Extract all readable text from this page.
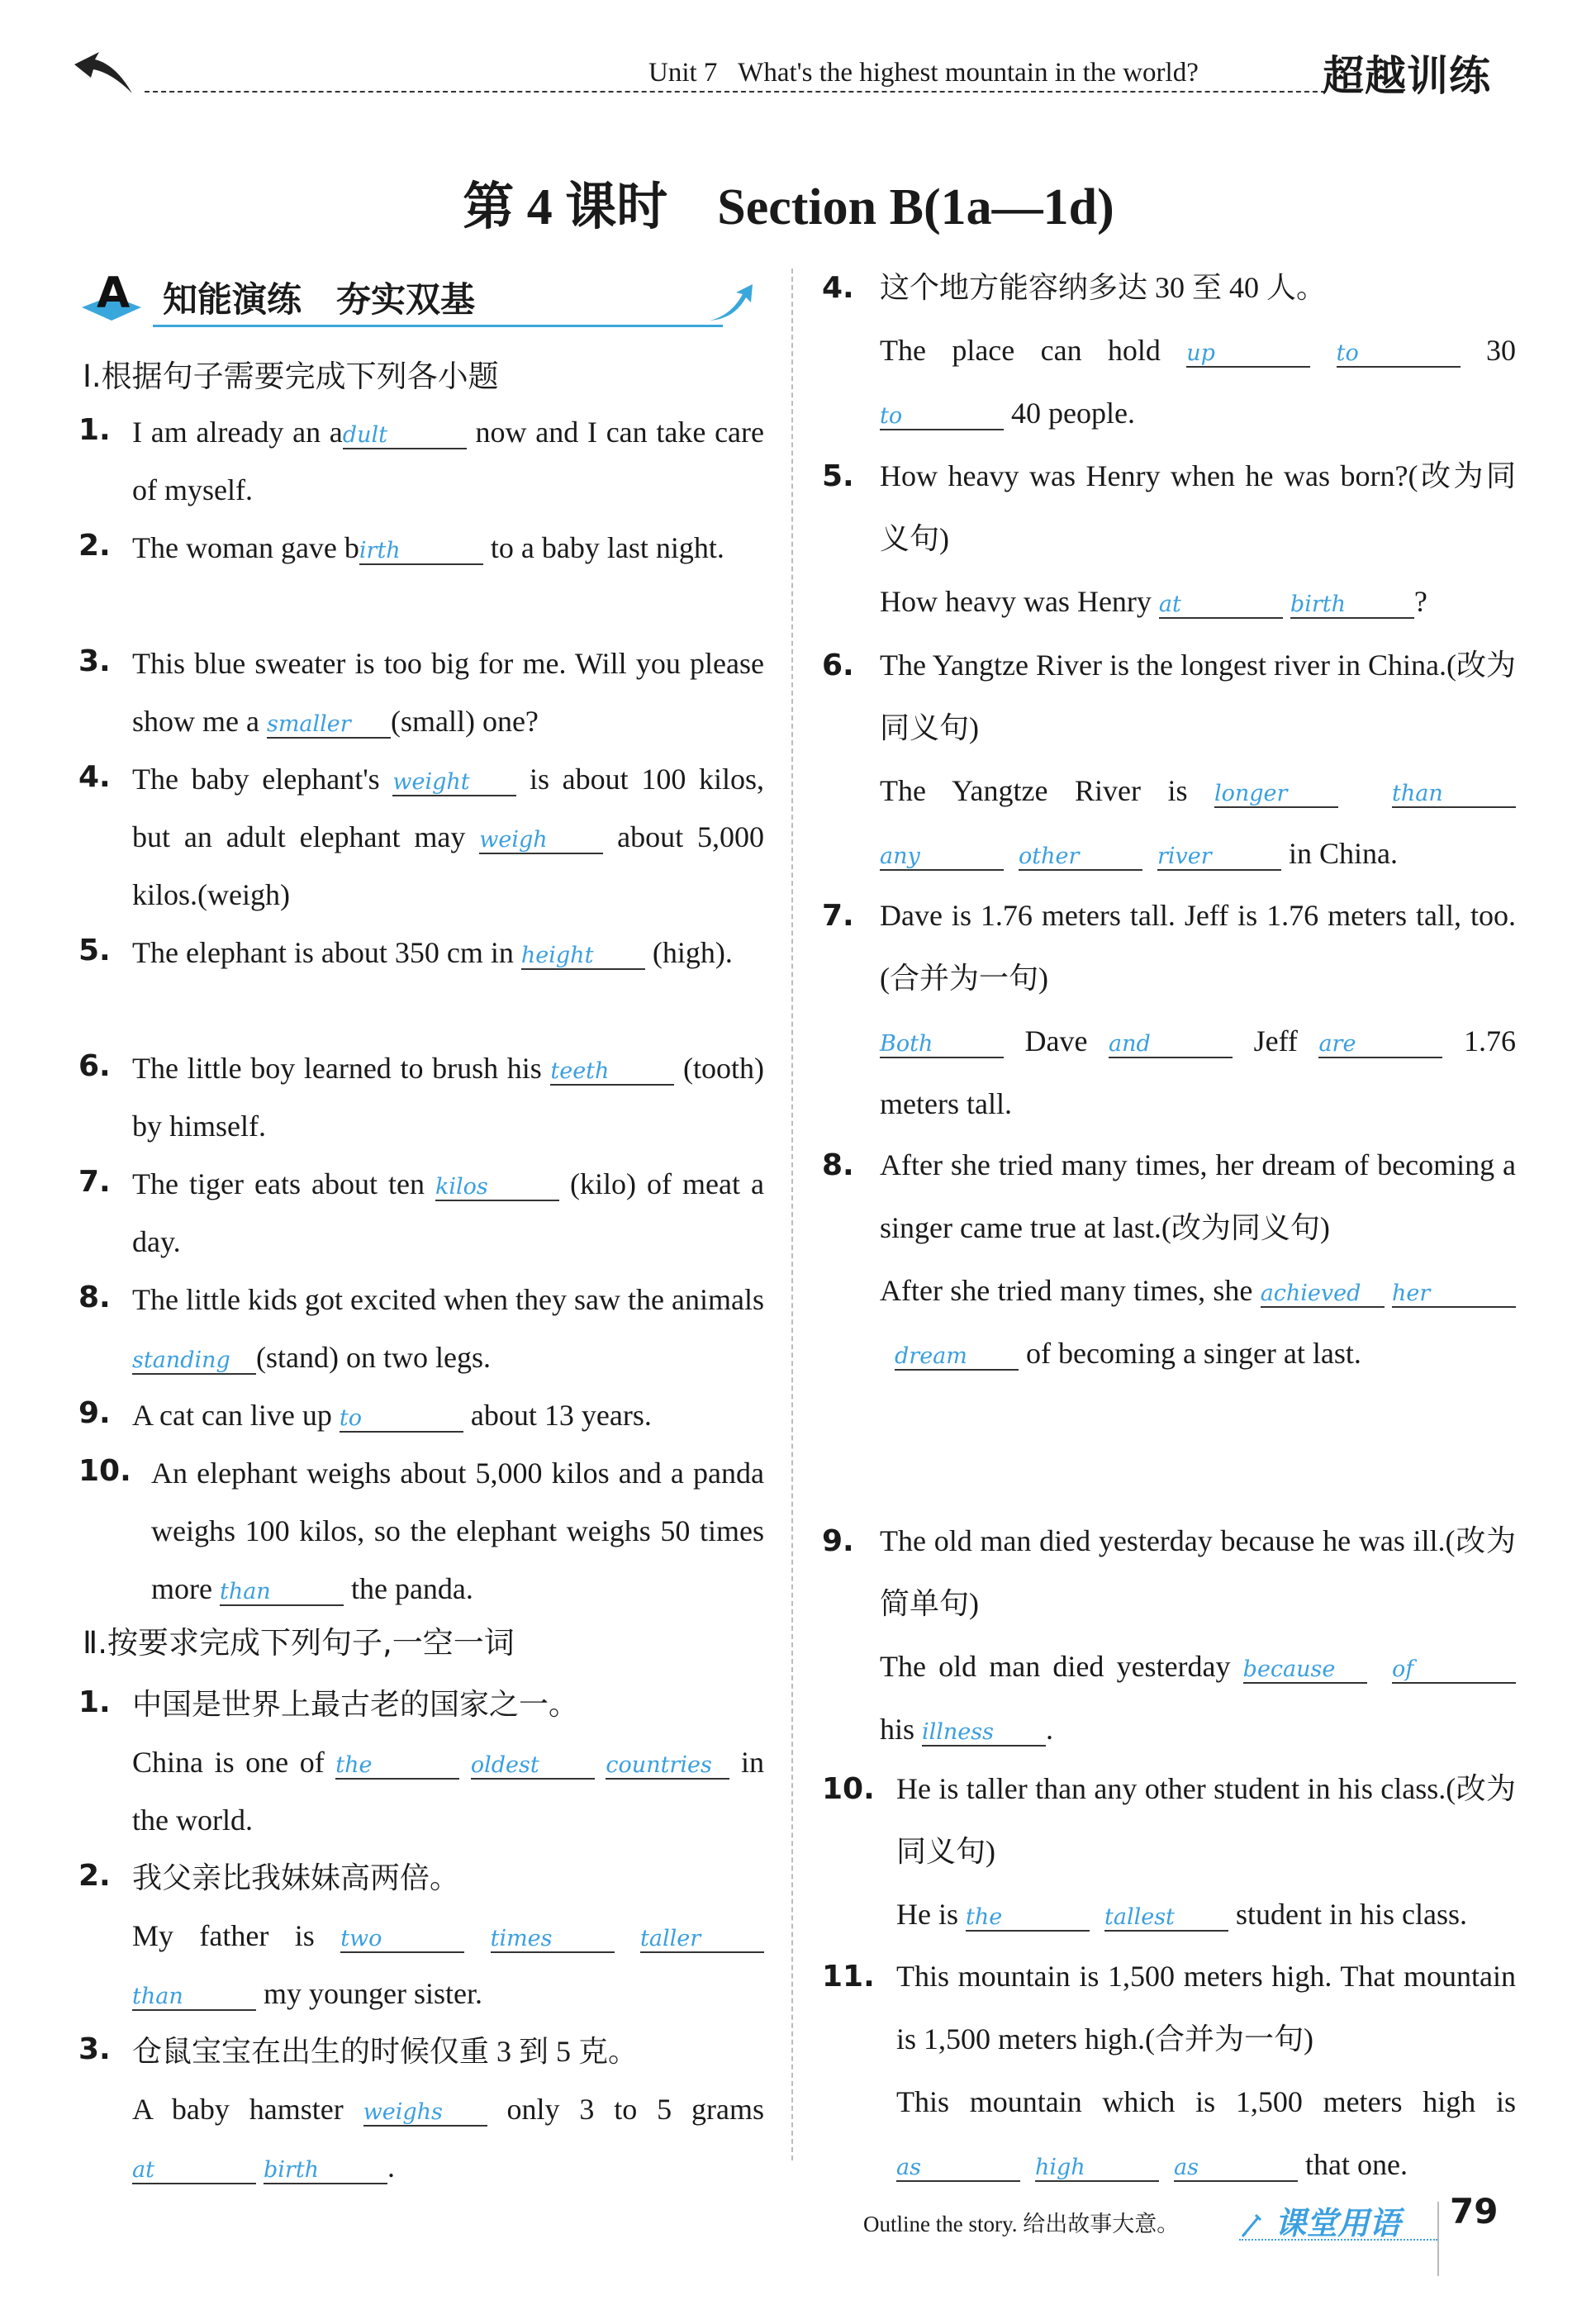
Unit 7 What's the highest mountain in the world?	超越训练
第 4 课时 Section B(1a—1d)
A 知能演练　夯实双基
Ⅰ.根据句子需要完成下列各小题
1. I am already an adult	now and I can take care of myself.
2. The woman gave birth	to a baby last night.
3. This blue sweater is too big for me. Will you please show me a smaller (small) one?
4. The baby elephant's weight is about 100 kilos, but an adult elephant may weigh about 5,000 kilos.(weigh)
5. The elephant is about 350 cm in height (high).
6. The little boy learned to brush his teeth (tooth) by himself.
7. The tiger eats about ten kilos (kilo) of meat a day.
8. The little kids got excited when they saw the animals standing (stand) on two legs.
9. A cat can live up to	about 13 years.
10. An elephant weighs about 5,000 kilos and a panda weighs 100 kilos, so the elephant weighs 50 times more than the panda.
Ⅱ.按要求完成下列句子,一空一词
1. 中国是世界上最古老的国家之一。
China is one of the	oldest	countries in the world.
2. 我父亲比我妹妹高两倍。
My father is two	times	taller than my younger sister.
3. 仓鼠宝宝在出生的时候仅重 3 到 5 克。
A baby hamster weighs only 3 to 5 grams at	birth .
4. 这个地方能容纳多达 30 至 40 人。
The place can hold up	to	30 to	40 people.
5. How heavy was Henry when he was born?(改为同义句)
How heavy was Henry at	birth ?
6. The Yangtze River is the longest river in China.(改为同义句)
The Yangtze River is longer	than any	other	river in China.
7. Dave is 1.76 meters tall. Jeff is 1.76 meters tall, too.(合并为一句)
Both Dave and	Jeff are	1.76 meters tall.
8. After she tried many times, her dream of becoming a singer came true at last.(改为同义句)
After she tried many times, she achieved her  dream of becoming a singer at last.
9. The old man died yesterday because he was ill.(改为简单句)
The old man died yesterday because	of his illness .
10. He is taller than any other student in his class.(改为同义句)
He is the	tallest student in his class.
11. This mountain is 1,500 meters high. That mountain is 1,500 meters high.(合并为一句)
This mountain which is 1,500 meters high is as	high	as	that one.
Outline the story. 给出故事大意。	课堂用语	79
